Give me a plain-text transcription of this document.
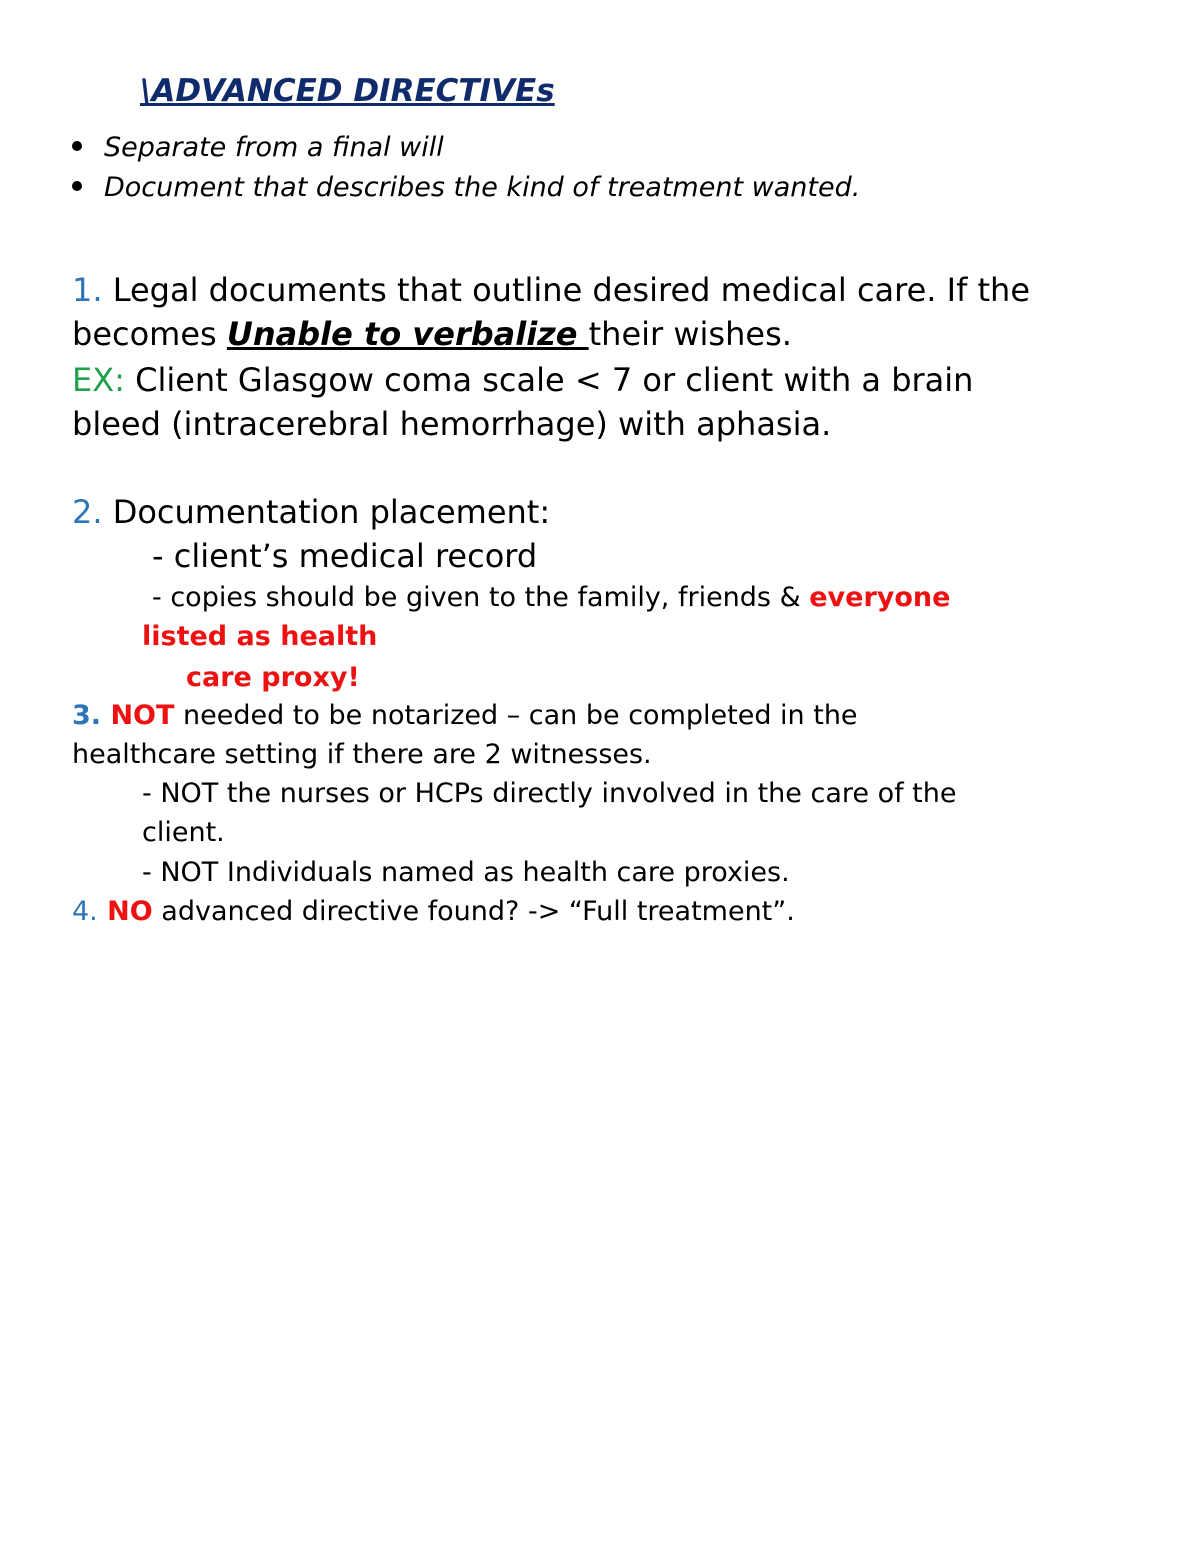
\ADVANCED DIRECTIVEs
Separate from a final will
Document that describes the kind of treatment wanted.
1. Legal documents that outline desired medical care. If the
becomes Unable to verbalize their wishes.
EX: Client Glasgow coma scale < 7 or client with a brain
bleed (intracerebral hemorrhage) with aphasia.
2. Documentation placement:
- client’s medical record
- copies should be given to the family, friends & everyone
listed as health
care proxy!
3. NOT needed to be notarized – can be completed in the
healthcare setting if there are 2 witnesses.
- NOT the nurses or HCPs directly involved in the care of the
client.
- NOT Individuals named as health care proxies.
4. NO advanced directive found? -> “Full treatment”.
